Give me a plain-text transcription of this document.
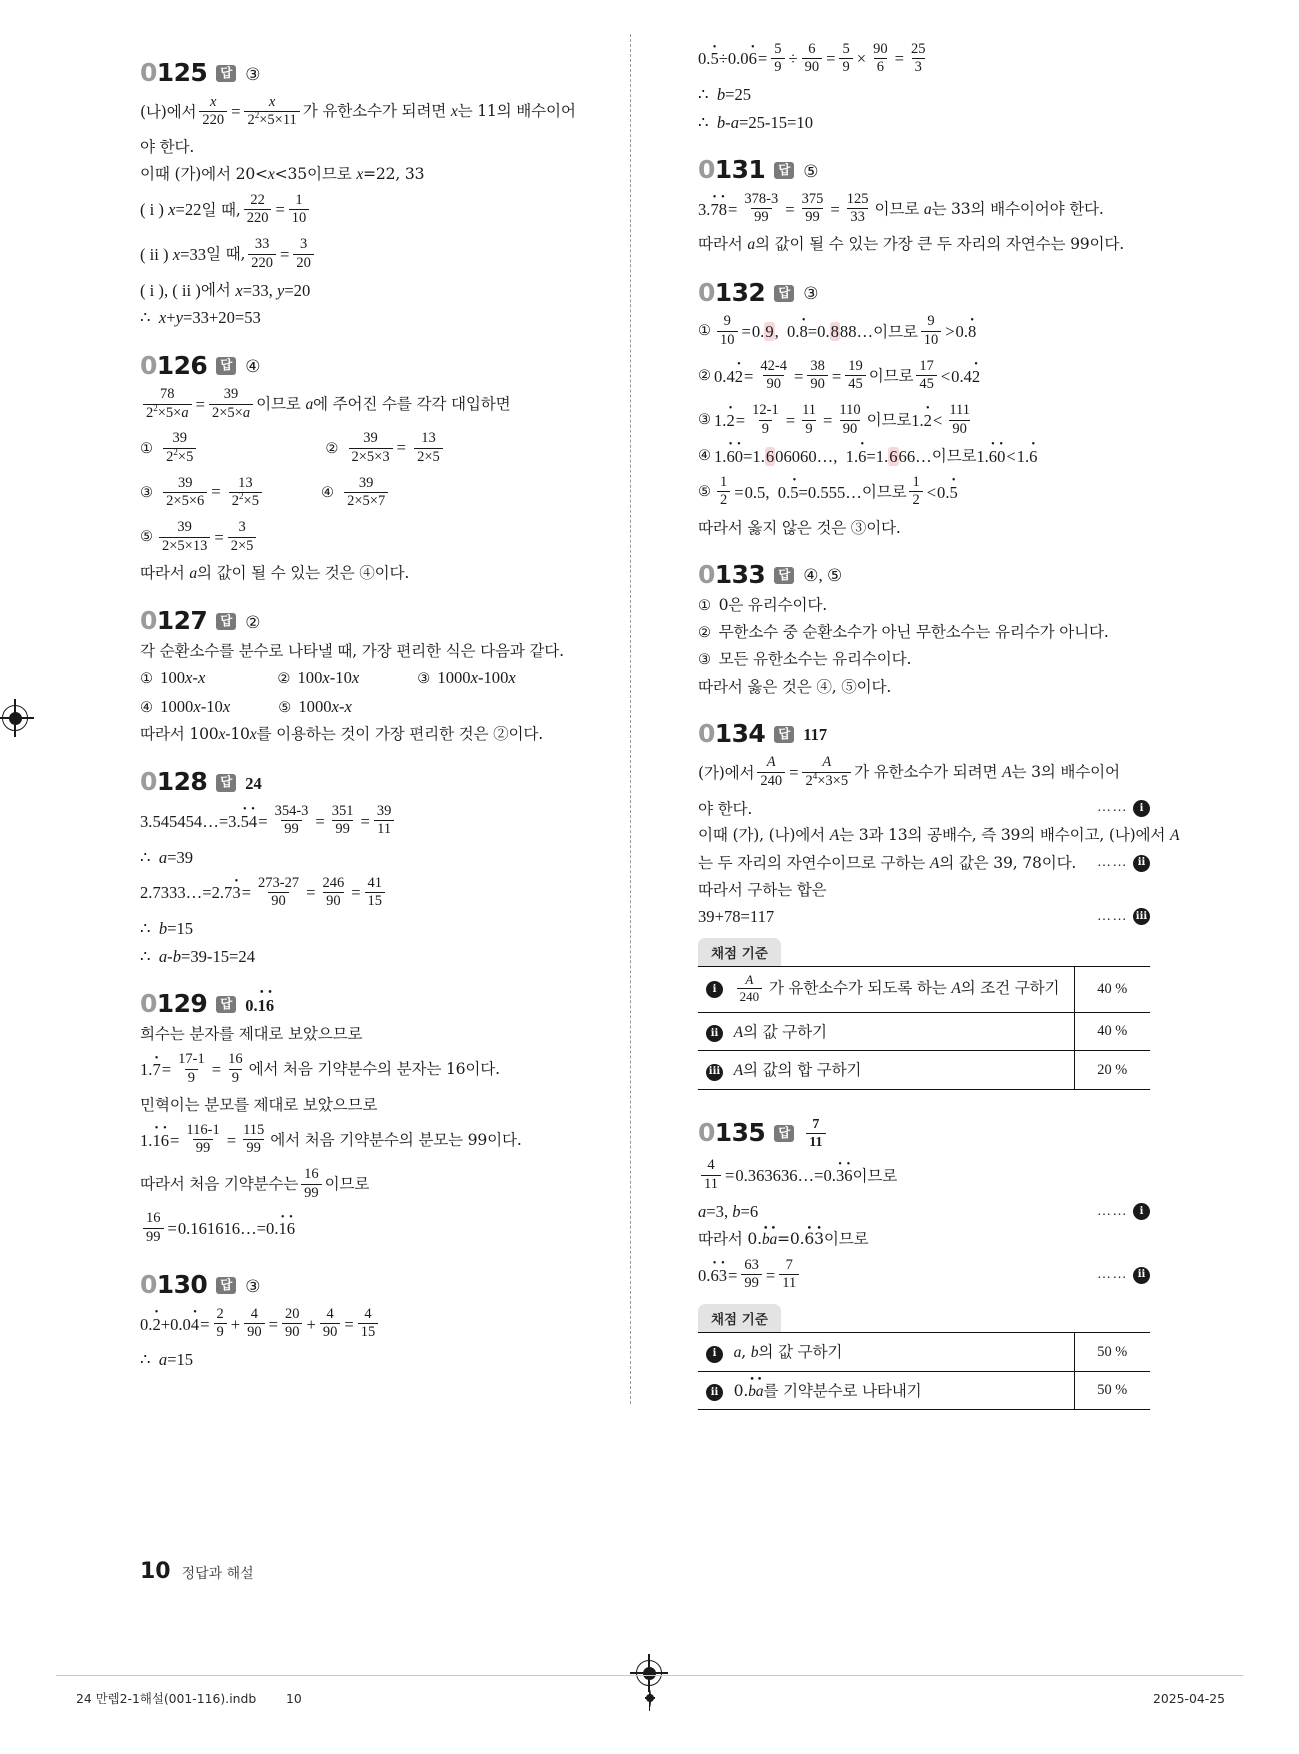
0125	답 ③
(나)에서 $\frac{x}{220} = \frac{x}{2^2\times 5\times 11}$ 가 유한소수가 되려면 x는 11의 배수이어
야 한다.
이때 (가)에서 20<x<35이므로 x=22, 33
( i ) x=22 일 때, $\frac{22}{220} = \frac{1}{10}$
( ii ) x=33 일 때, $\frac{33}{220} = \frac{3}{20}$
( i ), ( ii ) 에서 x=33, y=20
∴  x+y=33+20=53
0126	답 ④
$\frac{78}{2^2\times 5\times a} = \frac{39}{2\times 5\times a}$ 이므로 a에 주어진 수를 각각 대입하면
① $\frac{39}{2^2\times 5}$	② $\frac{39}{2\times 5\times 3} = \frac{13}{2\times 5}$
③ $\frac{39}{2\times 5\times 6} = \frac{13}{2^2\times 5}$	④ $\frac{39}{2\times 5\times 7}$
⑤ $\frac{39}{2\times 5\times 13} = \frac{3}{2\times 5}$
따라서 a의 값이 될 수 있는 것은 ④이다.
0127	답 ②
각 순환소수를 분수로 나타낼 때, 가장 편리한 식은 다음과 같다.
① 100x-x	② 100x-10x	③ 1000x-100x
④ 1000x-10x	⑤ 1000x-x
따라서 100x-10x를 이용하는 것이 가장 편리한 것은 ②이다.
0128	답 24
3.545454…=3.5 •4 • = $\frac{354-3}{99} = \frac{351}{99} = \frac{39}{11}$
∴  a=39
2.7333…=2.73 • = $\frac{273-27}{90} = \frac{246}{90} = \frac{41}{15}$
∴  b=15
∴  a-b=39-15=24
0129	답 0.1 •6 •
희수는 분자를 제대로 보았으므로
1.7 • = $\frac{17-1}{9} = \frac{16}{9}$ 에서 처음 기약분수의 분자는 16이다.
민혁이는 분모를 제대로 보았으므로
1.1 •6 • = $\frac{116-1}{99} = \frac{115}{99}$ 에서 처음 기약분수의 분모는 99이다.
따라서 처음 기약분수는 $\frac{16}{99}$ 이므로
$\frac{16}{99}$ = 0.161616…=0.1 •6 •
0130	답 ③
0.2 •+0.04 • = $\frac{2}{9} + \frac{4}{90} = \frac{20}{90} + \frac{4}{90} = \frac{4}{15}$
∴  a=15
0.5 •÷0.06 • = $\frac{5}{9} \div \frac{6}{90} = \frac{5}{9} \times \frac{90}{6} = \frac{25}{3}$
∴  b=25
∴  b-a=25-15=10
0131	답 ⑤
3.7 •8 • = $\frac{378-3}{99} = \frac{375}{99} = \frac{125}{33}$ 이므로 a는 33의 배수이어야 한다.
따라서 a의 값이 될 수 있는 가장 큰 두 자리의 자연수는 99이다.
0132	답 ③
① $\frac{9}{10} = 0.9$,  0.8 •=0.888… 이므로 $\frac{9}{10} > 0.8$ •
② 0.42 • = $\frac{42-4}{90} = \frac{38}{90} = \frac{19}{45}$ 이므로 $\frac{17}{45} < 0.42$ •
③ 1.2 • = $\frac{12-1}{9} = \frac{11}{9} = \frac{110}{90}$ 이므로 1.2 • < $\frac{111}{90}$
④ 1.6 •0 •=1.606060…,  1.6 •=1.666… 이므로 1.6 •0 • < 1.6 •
⑤ $\frac{1}{2} = 0.5$,  0.5 •=0.555… 이므로 $\frac{1}{2} < 0.5$ •
따라서 옳지 않은 것은 ③이다.
0133	답 ④, ⑤
① 0은 유리수이다.
② 무한소수 중 순환소수가 아닌 무한소수는 유리수가 아니다.
③ 모든 유한소수는 유리수이다.
따라서 옳은 것은 ④, ⑤이다.
0134	답 117
(가)에서 $\frac{A}{240} = \frac{A}{2^4\times 3\times 5}$ 가 유한소수가 되려면 A는 3의 배수이어
야 한다.	……	i
이때 (가), (나)에서 A는 3과 13의 공배수, 즉 39의 배수이고, (나)에서 A
는 두 자리의 자연수이므로 구하는 A의 값은 39, 78이다. …… ii
따라서 구하는 합은
39+78=117	…… iii
채점 기준
i $\frac{A}{240}$ 가 유한소수가 되도록 하는 A의 조건 구하기	40 %
ii A의 값 구하기	40 %
iii A의 값의 합 구하기	20 %
0135	답 $\frac{7}{11}$
$\frac{4}{11}$ = 0.363636…=0.3 •6 • 이므로
a=3, b=6	……	i
따라서 0.b •a •=0.6 •3 •이므로
0.6 •3 • = $\frac{63}{99} = \frac{7}{11}$	…… ii
채점 기준
i a, b의 값 구하기	50 %
ii 0.b •a •를 기약분수로 나타내기	50 %
10 정답과 해설
24 만렙2-1해설(001-116).indb 10	2025-04-25
